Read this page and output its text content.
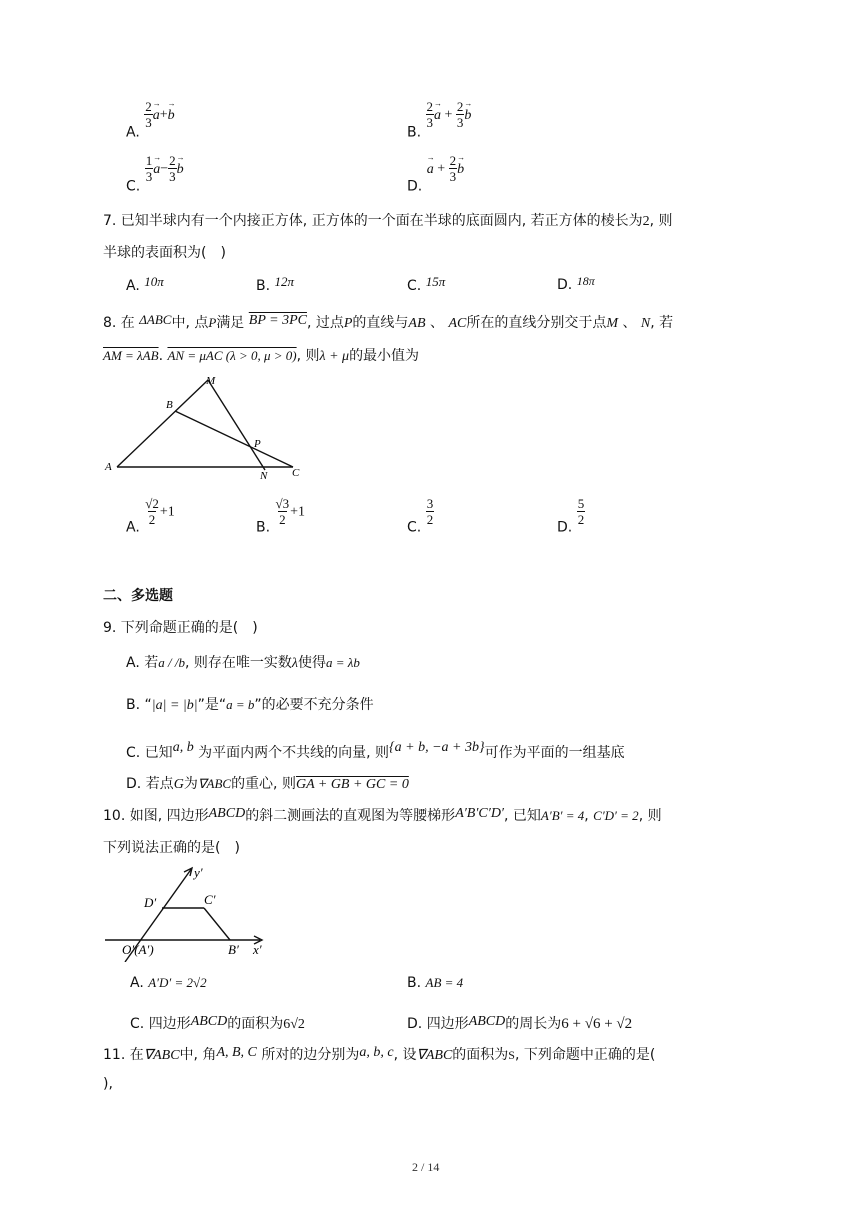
A.
$\frac{2}{3}$ a →+b →
B.
$\frac{2}{3}$ a → + $\frac{2}{3}$ b →
C.
$\frac{1}{3}$ $a \to- \frac{2}{3}$ b →
D. a → + $\frac{2}{3}$ b →
7. 已知半球内有一个内接正方体, 正方体的一个面在半球的底面圆内, 若正方体的棱长为2, 则
半球的表面积为(　)
A. 10π	B. 12π	C. 15π	D. 18π
8. 在 ΔABC中, 点P满足 BP = 3PC, 过点P的直线与AB 、 AC所在的直线分别交于点M 、 N, 若
AM = λAB. AN = μAC (λ > 0, μ > 0), 则λ + μ的最小值为
M
B
P
A
N C
A.
$\frac{√2}{2} +1$
B.
$\frac{√3}{2} +1$
C.
$\frac{3}{2}$
D.
$\frac{5}{2}$
二、多选题
9. 下列命题正确的是(　)
A. 若a / /b, 则存在唯一实数λ使得a = λb
B. “|a| = |b|”是“a = b”的必要不充分条件
C. 已知a, b 为平面内两个不共线的向量, 则{a + b, −a + 3b}可作为平面的一组基底
D. 若点G为∇ABC的重心, 则GA + GB + GC = 0
10. 如图, 四边形ABCD的斜二测画法的直观图为等腰梯形A′B′C′D′, 已知A′B′ = 4, C′D′ = 2, 则
下列说法正确的是(　)
y′
D′	C′
O′(A′)	B′ x′
A. A′D′ = 2√2	B. AB = 4
C. 四边形ABCD的面积为6√2	D. 四边形ABCD的周长为6 + √6 + √2
11. 在∇ABC中, 角A, B, C 所对的边分别为a, b, c, 设∇ABC的面积为S, 下列命题中正确的是(
),
2 / 14
